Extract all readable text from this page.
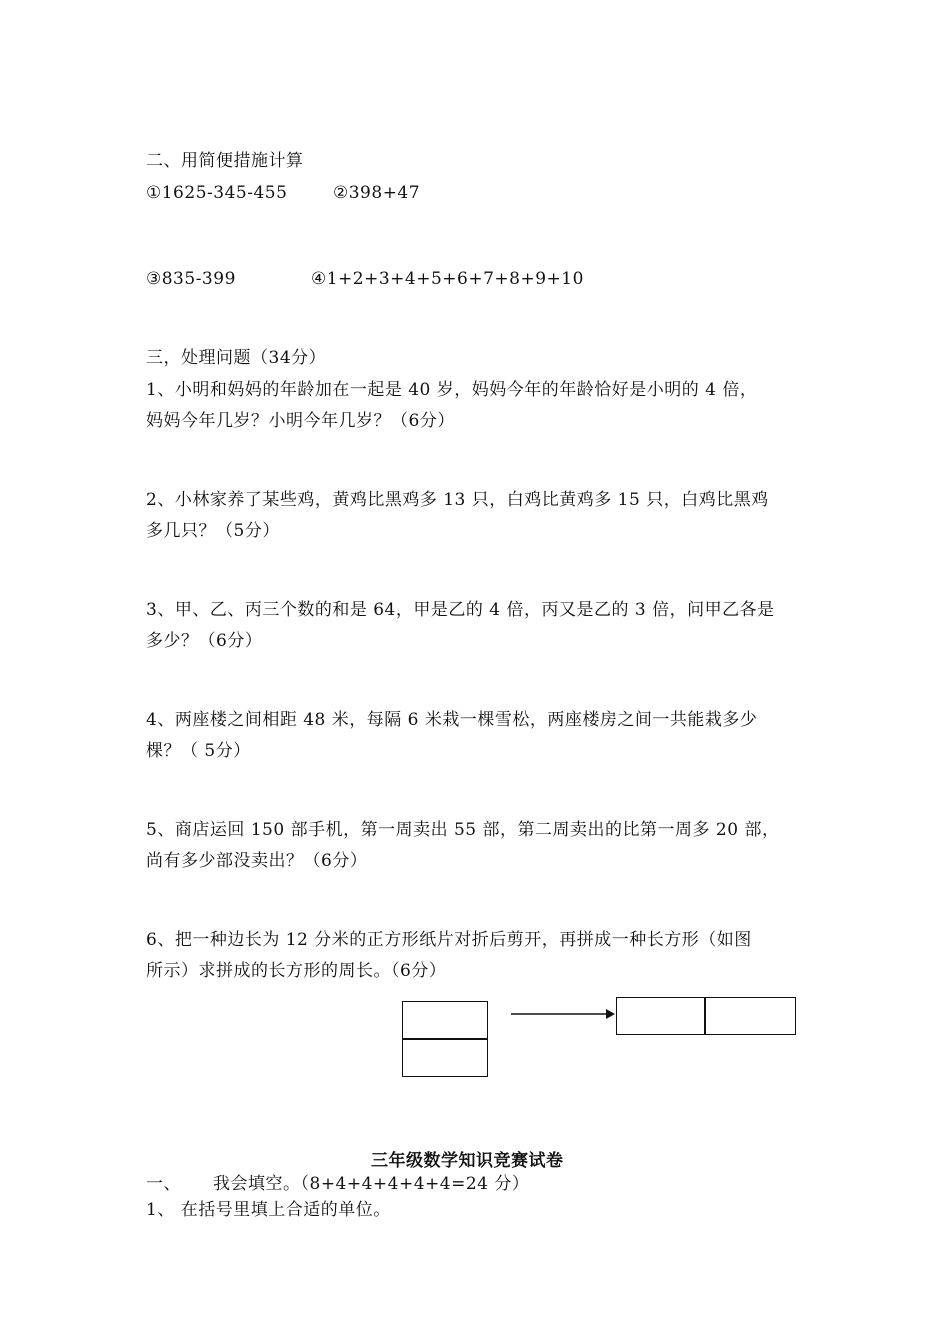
二、用简便措施计算
①1625-345-455	②398+47
③835-399	④1+2+3+4+5+6+7+8+9+10
三，处理问题（34分）
1、小明和妈妈的年龄加在一起是 40 岁，妈妈今年的年龄恰好是小明的 4 倍，
妈妈今年几岁？小明今年几岁？（6分）
2、小林家养了某些鸡，黄鸡比黑鸡多 13 只，白鸡比黄鸡多 15 只，白鸡比黑鸡
多几只？（5分）
3、甲、乙、丙三个数的和是 64，甲是乙的 4 倍，丙又是乙的 3 倍，问甲乙各是
多少？（6分）
4、两座楼之间相距 48 米，每隔 6 米栽一棵雪松，两座楼房之间一共能栽多少
棵？（ 5分）
5、商店运回 150 部手机，第一周卖出 55 部，第二周卖出的比第一周多 20 部，
尚有多少部没卖出？（6分）
6、把一种边长为 12 分米的正方形纸片对折后剪开，再拼成一种长方形（如图
所示）求拼成的长方形的周长。（6分）
三年级数学知识竞赛试卷
一、 我会填空。（8+4+4+4+4+4=24 分）
1、 在括号里填上合适的单位。
